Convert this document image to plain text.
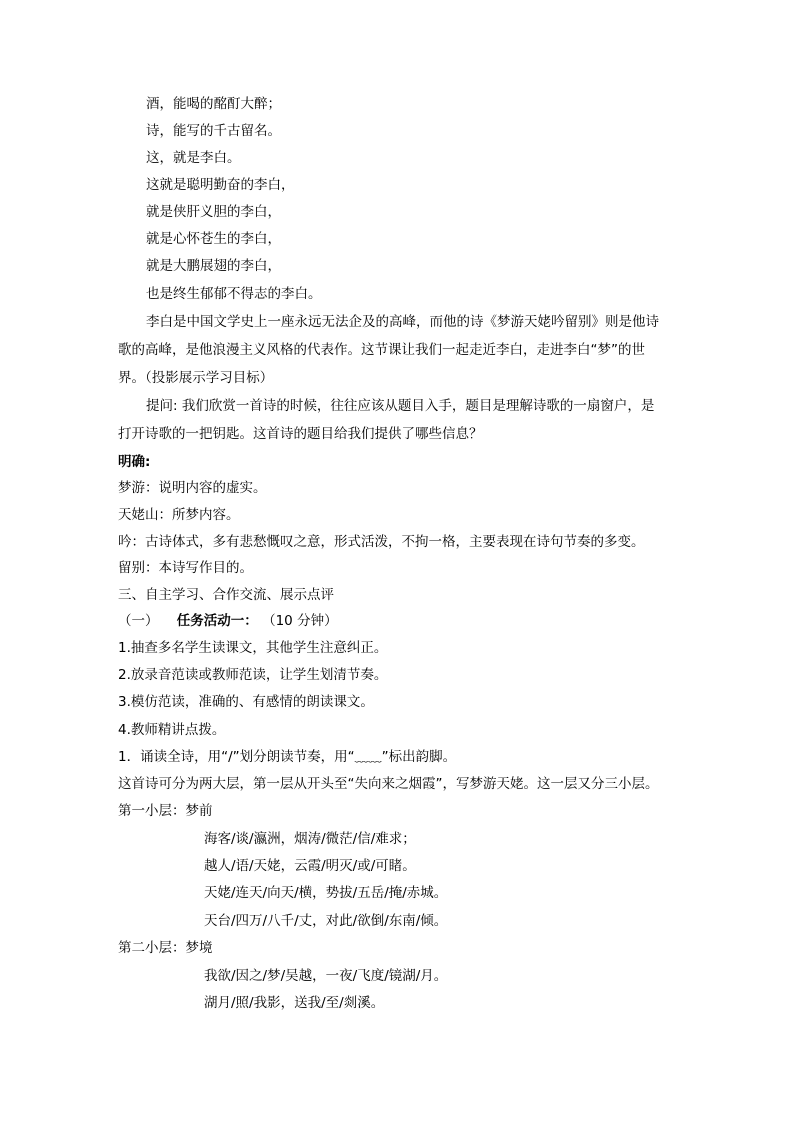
酒，能喝的酩酊大醉；
诗，能写的千古留名。
这，就是李白。
这就是聪明勤奋的李白，
就是侠肝义胆的李白，
就是心怀苍生的李白，
就是大鹏展翅的李白，
也是终生郁郁不得志的李白。
李白是中国文学史上一座永远无法企及的高峰，而他的诗《梦游天姥吟留别》则是他诗
歌的高峰，是他浪漫主义风格的代表作。这节课让我们一起走近李白，走进李白“梦”的世
界。（投影展示学习目标）
提问: 我们欣赏一首诗的时候，往往应该从题目入手，题目是理解诗歌的一扇窗户，是
打开诗歌的一把钥匙。这首诗的题目给我们提供了哪些信息？
明确:
梦游：说明内容的虚实。
天姥山：所梦内容。
吟：古诗体式，多有悲愁慨叹之意，形式活泼，不拘一格，主要表现在诗句节奏的多变。
留别：本诗写作目的。
三、自主学习、合作交流、展示点评
（一） 任务活动一： （10 分钟）
1.抽查多名学生读课文，其他学生注意纠正。
2.放录音范读或教师范读，让学生划清节奏。
3.模仿范读，准确的、有感情的朗读课文。
4.教师精讲点拨。
1．诵读全诗，用“/”划分朗读节奏，用“﹏﹏”标出韵脚。
这首诗可分为两大层，第一层从开头至“失向来之烟霞”，写梦游天姥。这一层又分三小层。
第一小层：梦前
海客/谈/瀛洲，烟涛/微茫/信/难求；
越人/语/天姥，云霞/明灭/或/可睹。
天姥/连天/向天/横，势拔/五岳/掩/赤城。
天台/四万/八千/丈，对此/欲倒/东南/倾。
第二小层：梦境
我欲/因之/梦/吴越，一夜/飞度/镜湖/月。
湖月/照/我影，送我/至/剡溪。
